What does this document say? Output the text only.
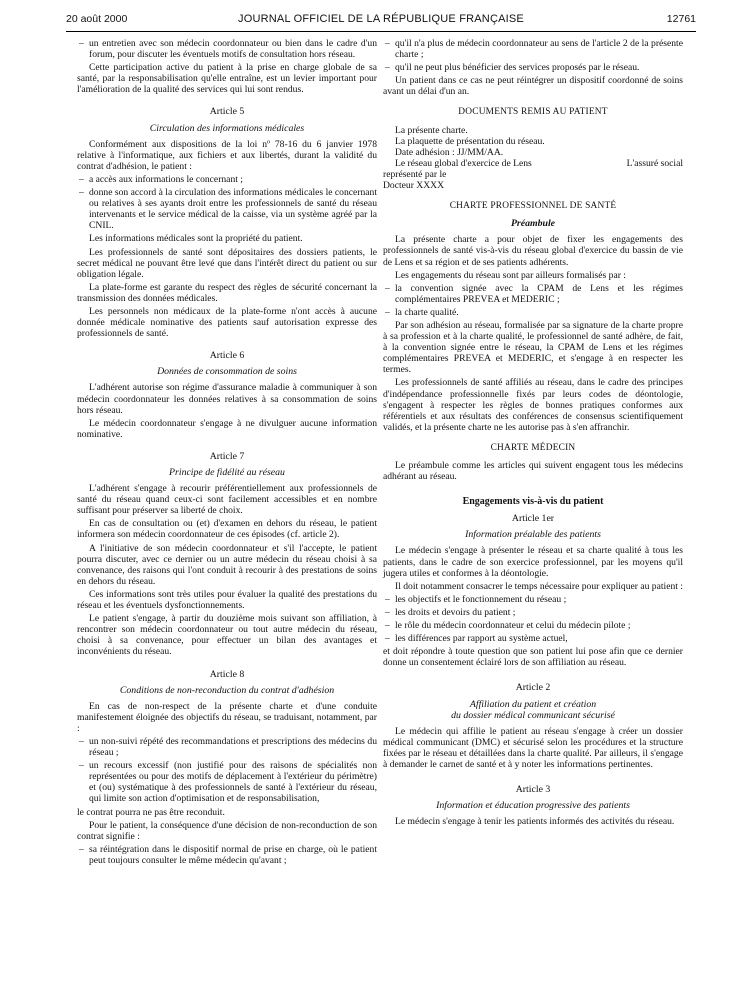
20 août 2000	JOURNAL OFFICIEL DE LA RÉPUBLIQUE FRANÇAISE	12761

– un entretien avec son médecin coordonnateur ou bien dans le cadre d'un forum, pour discuter les éventuels motifs de consultation hors réseau.

Cette participation active du patient à la prise en charge globale de sa santé, par la responsabilisation qu'elle entraîne, est un levier important pour l'amélioration de la qualité des services qui lui sont rendus.

Article 5
Circulation des informations médicales

Conformément aux dispositions de la loi nº 78-16 du 6 janvier 1978 relative à l'informatique, aux fichiers et aux libertés, durant la validité du contrat d'adhésion, le patient :

– a accès aux informations le concernant ;

– donne son accord à la circulation des informations médicales le concernant ou relatives à ses ayants droit entre les professionnels de santé du réseau intervenants et le service médical de la caisse, via un système agréé par la CNIL.

Les informations médicales sont la propriété du patient.

Les professionnels de santé sont dépositaires des dossiers patients, le secret médical ne pouvant être levé que dans l'intérêt direct du patient ou sur obligation légale.

La plate-forme est garante du respect des règles de sécurité concernant la transmission des données médicales.

Les personnels non médicaux de la plate-forme n'ont accès à aucune donnée médicale nominative des patients sauf autorisation expresse des professionnels de santé.

Article 6
Données de consommation de soins

L'adhérent autorise son régime d'assurance maladie à communiquer à son médecin coordonnateur les données relatives à sa consommation de soins hors réseau.

Le médecin coordonnateur s'engage à ne divulguer aucune information nominative.

Article 7
Principe de fidélité au réseau

L'adhérent s'engage à recourir préférentiellement aux professionnels de santé du réseau quand ceux-ci sont facilement accessibles et en nombre suffisant pour préserver sa liberté de choix.

En cas de consultation ou (et) d'examen en dehors du réseau, le patient informera son médecin coordonnateur de ces épisodes (cf. article 2).

A l'initiative de son médecin coordonnateur et s'il l'accepte, le patient pourra discuter, avec ce dernier ou un autre médecin du réseau choisi à sa convenance, des raisons qui l'ont conduit à recourir à des prestations de soins en dehors du réseau.

Ces informations sont très utiles pour évaluer la qualité des prestations du réseau et les éventuels dysfonctionnements.

Le patient s'engage, à partir du douzième mois suivant son affiliation, à rencontrer son médecin coordonnateur ou tout autre médecin du réseau, choisi à sa convenance, pour effectuer un bilan des avantages et inconvénients du réseau.

Article 8
Conditions de non-reconduction du contrat d'adhésion

En cas de non-respect de la présente charte et d'une conduite manifestement éloignée des objectifs du réseau, se traduisant, notamment, par :

– un non-suivi répété des recommandations et prescriptions des médecins du réseau ;

– un recours excessif (non justifié pour des raisons de spécialités non représentées ou pour des motifs de déplacement à l'extérieur du périmètre) et (ou) systématique à des professionnels de santé à l'extérieur du réseau, qui limite son action d'optimisation et de responsabilisation,

le contrat pourra ne pas être reconduit.

Pour le patient, la conséquence d'une décision de non-reconduction de son contrat signifie :

– sa réintégration dans le dispositif normal de prise en charge, où le patient peut toujours consulter le même médecin qu'avant ;

– qu'il n'a plus de médecin coordonnateur au sens de l'article 2 de la présente charte ;

– qu'il ne peut plus bénéficier des services proposés par le réseau.

Un patient dans ce cas ne peut réintégrer un dispositif coordonné de soins avant un délai d'un an.

DOCUMENTS REMIS AU PATIENT

La présente charte.

La plaquette de présentation du réseau.

Date adhésion : JJ/MM/AA.

Le réseau global d'exercice de Lens	L'assuré social

représenté par le

Docteur XXXX

CHARTE PROFESSIONNEL DE SANTÉ
Préambule

La présente charte a pour objet de fixer les engagements des professionnels de santé vis-à-vis du réseau global d'exercice du bassin de vie de Lens et sa région et de ses patients adhérents.

Les engagements du réseau sont par ailleurs formalisés par :

– la convention signée avec la CPAM de Lens et les régimes complémentaires PREVEA et MEDERIC ;

– la charte qualité.

Par son adhésion au réseau, formalisée par sa signature de la charte propre à sa profession et à la charte qualité, le professionnel de santé adhère, de fait, à la convention signée entre le réseau, la CPAM de Lens et les régimes complémentaires PREVEA et MEDERIC, et s'engage à en respecter les termes.

Les professionnels de santé affiliés au réseau, dans le cadre des principes d'indépendance professionnelle fixés par leurs codes de déontologie, s'engagent à respecter les règles de bonnes pratiques conformes aux référentiels et aux résultats des conférences de consensus scientifiquement validés, et la présente charte ne les autorise pas à s'en affranchir.

CHARTE MÉDECIN

Le préambule comme les articles qui suivent engagent tous les médecins adhérant au réseau.

Engagements vis-à-vis du patient
Article 1er
Information préalable des patients

Le médecin s'engage à présenter le réseau et sa charte qualité à tous les patients, dans le cadre de son exercice professionnel, par les moyens qu'il jugera utiles et conformes à la déontologie.

Il doit notamment consacrer le temps nécessaire pour expliquer au patient :

– les objectifs et le fonctionnement du réseau ;

– les droits et devoirs du patient ;

– le rôle du médecin coordonnateur et celui du médecin pilote ;

– les différences par rapport au système actuel,

et doit répondre à toute question que son patient lui pose afin que ce dernier donne un consentement éclairé lors de son affiliation au réseau.

Article 2
Affiliation du patient et création
du dossier médical communicant sécurisé

Le médecin qui affilie le patient au réseau s'engage à créer un dossier médical communicant (DMC) et sécurisé selon les procédures et la structure fixées par le réseau et détaillées dans la charte qualité. Par ailleurs, il s'engage à demander le carnet de santé et à y noter les informations pertinentes.

Article 3
Information et éducation progressive des patients

Le médecin s'engage à tenir les patients informés des activités du réseau.
